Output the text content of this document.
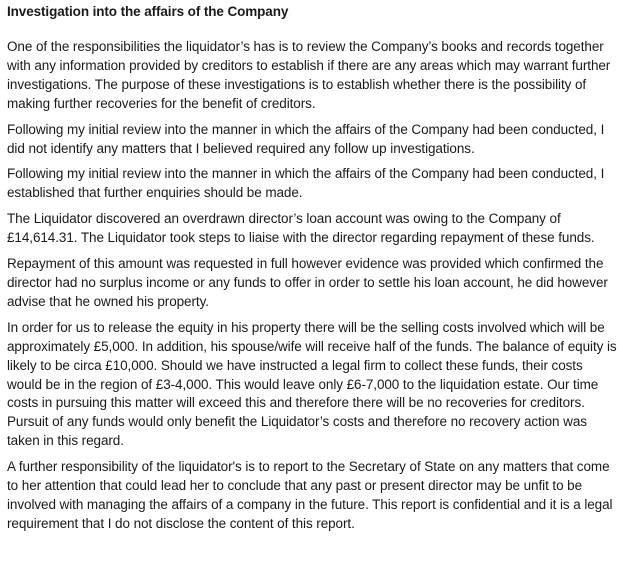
Investigation into the affairs of the Company

One of the responsibilities the liquidator’s has is to review the Company’s books and records together with any information provided by creditors to establish if there are any areas which may warrant further investigations. The purpose of these investigations is to establish whether there is the possibility of making further recoveries for the benefit of creditors.

Following my initial review into the manner in which the affairs of the Company had been conducted, I did not identify any matters that I believed required any follow up investigations.

Following my initial review into the manner in which the affairs of the Company had been conducted, I established that further enquiries should be made.

The Liquidator discovered an overdrawn director’s loan account was owing to the Company of £14,614.31. The Liquidator took steps to liaise with the director regarding repayment of these funds.

Repayment of this amount was requested in full however evidence was provided which confirmed the director had no surplus income or any funds to offer in order to settle his loan account, he did however advise that he owned his property.

In order for us to release the equity in his property there will be the selling costs involved which will be approximately £5,000. In addition, his spouse/wife will receive half of the funds. The balance of equity is likely to be circa £10,000. Should we have instructed a legal firm to collect these funds, their costs would be in the region of £3-4,000. This would leave only £6-7,000 to the liquidation estate. Our time costs in pursuing this matter will exceed this and therefore there will be no recoveries for creditors. Pursuit of any funds would only benefit the Liquidator’s costs and therefore no recovery action was taken in this regard.

A further responsibility of the liquidator's is to report to the Secretary of State on any matters that come to her attention that could lead her to conclude that any past or present director may be unfit to be involved with managing the affairs of a company in the future. This report is confidential and it is a legal requirement that I do not disclose the content of this report.
